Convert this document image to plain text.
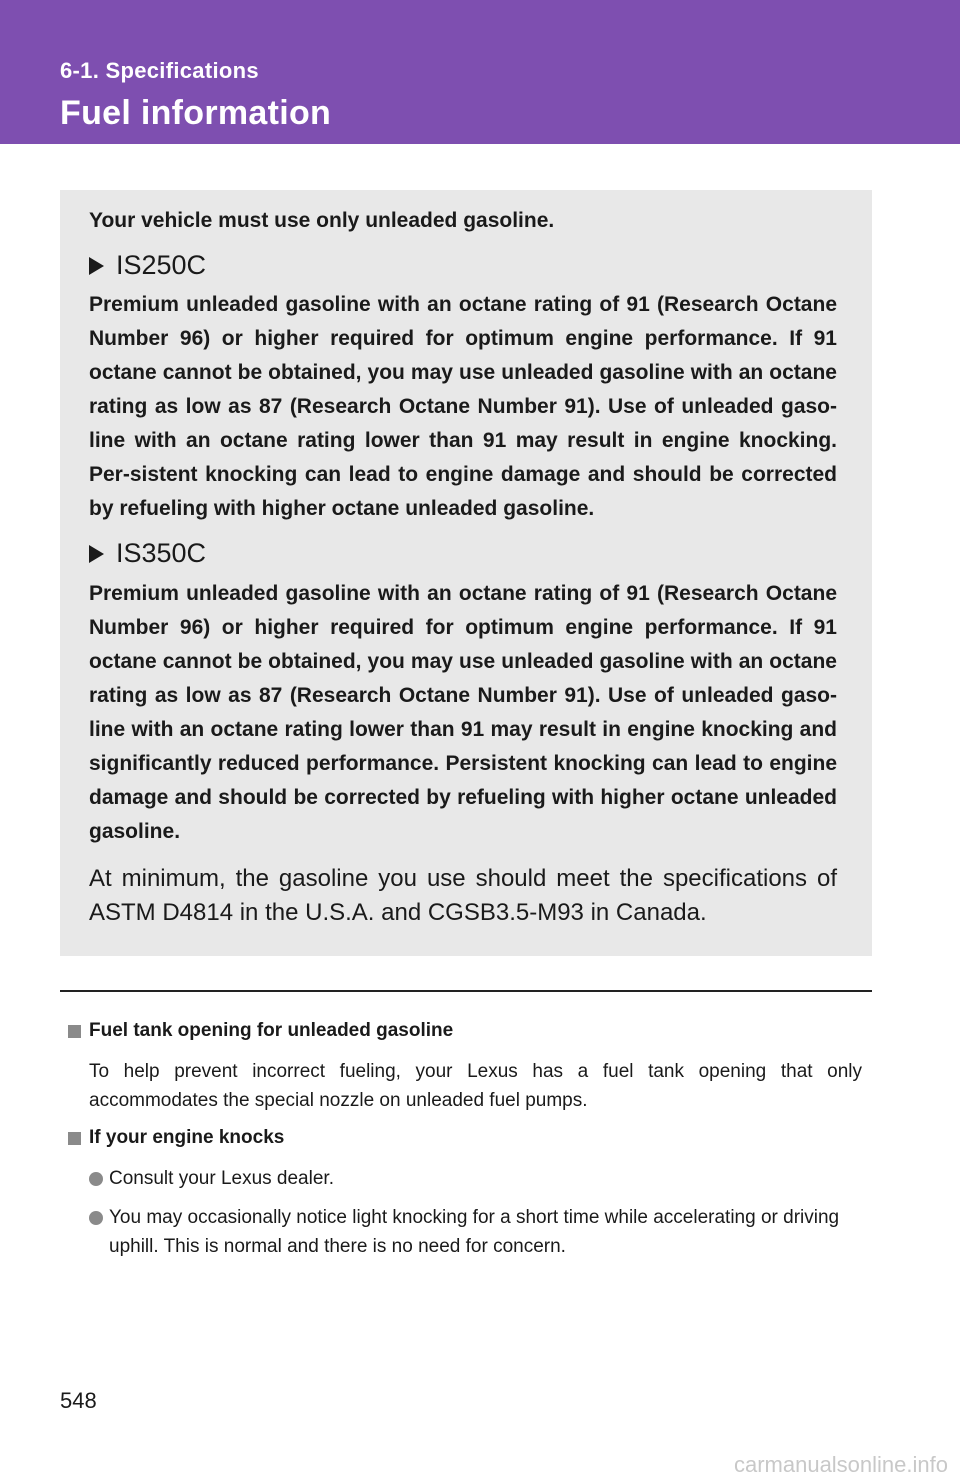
6-1. Specifications
Fuel information
Your vehicle must use only unleaded gasoline.
IS250C

Premium unleaded gasoline with an octane rating of 91 (Research Octane Number 96) or higher required for optimum engine performance. If 91 octane cannot be obtained, you may use unleaded gasoline with an octane rating as low as 87 (Research Octane Number 91). Use of unleaded gaso-line with an octane rating lower than 91 may result in engine knocking. Per-sistent knocking can lead to engine damage and should be corrected by refueling with higher octane unleaded gasoline.

IS350C

Premium unleaded gasoline with an octane rating of 91 (Research Octane Number 96) or higher required for optimum engine performance. If 91 octane cannot be obtained, you may use unleaded gasoline with an octane rating as low as 87 (Research Octane Number 91). Use of unleaded gaso-line with an octane rating lower than 91 may result in engine knocking and significantly reduced performance. Persistent knocking can lead to engine damage and should be corrected by refueling with higher octane unleaded gasoline.

At minimum, the gasoline you use should meet the specifications of ASTM D4814 in the U.S.A. and CGSB3.5-M93 in Canada.

Fuel tank opening for unleaded gasoline

To help prevent incorrect fueling, your Lexus has a fuel tank opening that only accommodates the special nozzle on unleaded fuel pumps.

If your engine knocks
Consult your Lexus dealer.
You may occasionally notice light knocking for a short time while accelerating or driving uphill. This is normal and there is no need for concern.
548
carmanualsonline.info
